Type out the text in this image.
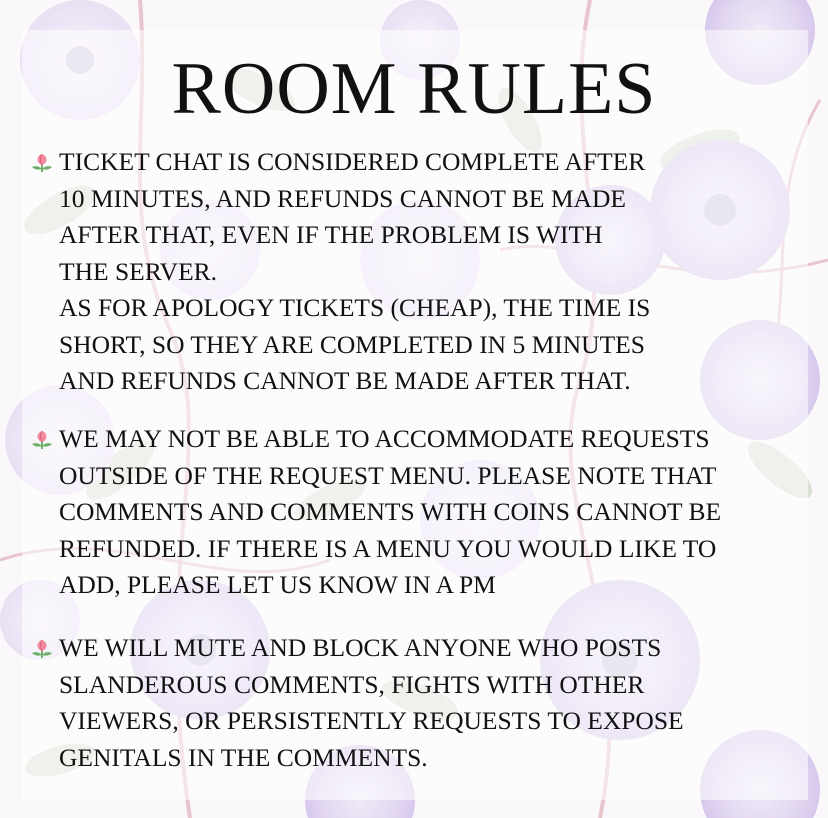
ROOM RULES
TICKET CHAT IS CONSIDERED COMPLETE AFTER
10 MINUTES, AND REFUNDS CANNOT BE MADE
AFTER THAT, EVEN IF THE PROBLEM IS WITH
THE SERVER.
AS FOR APOLOGY TICKETS (CHEAP), THE TIME IS
SHORT, SO THEY ARE COMPLETED IN 5 MINUTES
AND REFUNDS CANNOT BE MADE AFTER THAT.
WE MAY NOT BE ABLE TO ACCOMMODATE REQUESTS
OUTSIDE OF THE REQUEST MENU. PLEASE NOTE THAT
COMMENTS AND COMMENTS WITH COINS CANNOT BE
REFUNDED. IF THERE IS A MENU YOU WOULD LIKE TO
ADD, PLEASE LET US KNOW IN A PM
WE WILL MUTE AND BLOCK ANYONE WHO POSTS
SLANDEROUS COMMENTS, FIGHTS WITH OTHER
VIEWERS, OR PERSISTENTLY REQUESTS TO EXPOSE
GENITALS IN THE COMMENTS.
